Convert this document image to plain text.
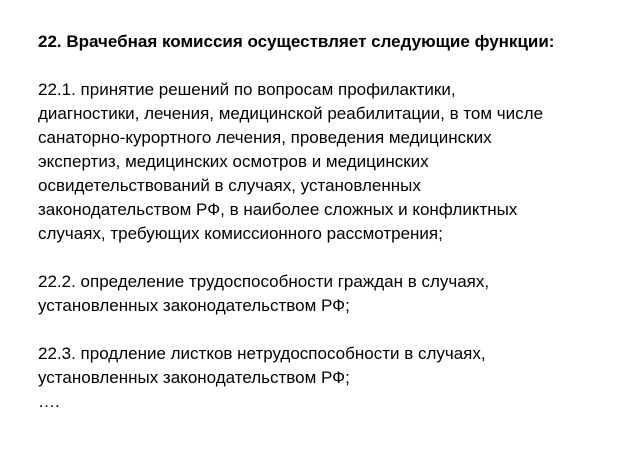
22. Врачебная комиссия осуществляет следующие функции:
22.1. принятие решений по вопросам профилактики,
диагностики, лечения, медицинской реабилитации, в том числе
санаторно-курортного лечения, проведения медицинских
экспертиз, медицинских осмотров и медицинских
освидетельствований в случаях, установленных
законодательством РФ, в наиболее сложных и конфликтных
случаях, требующих комиссионного рассмотрения;
22.2. определение трудоспособности граждан в случаях,
установленных законодательством РФ;
22.3. продление листков нетрудоспособности в случаях,
установленных законодательством РФ;
….
